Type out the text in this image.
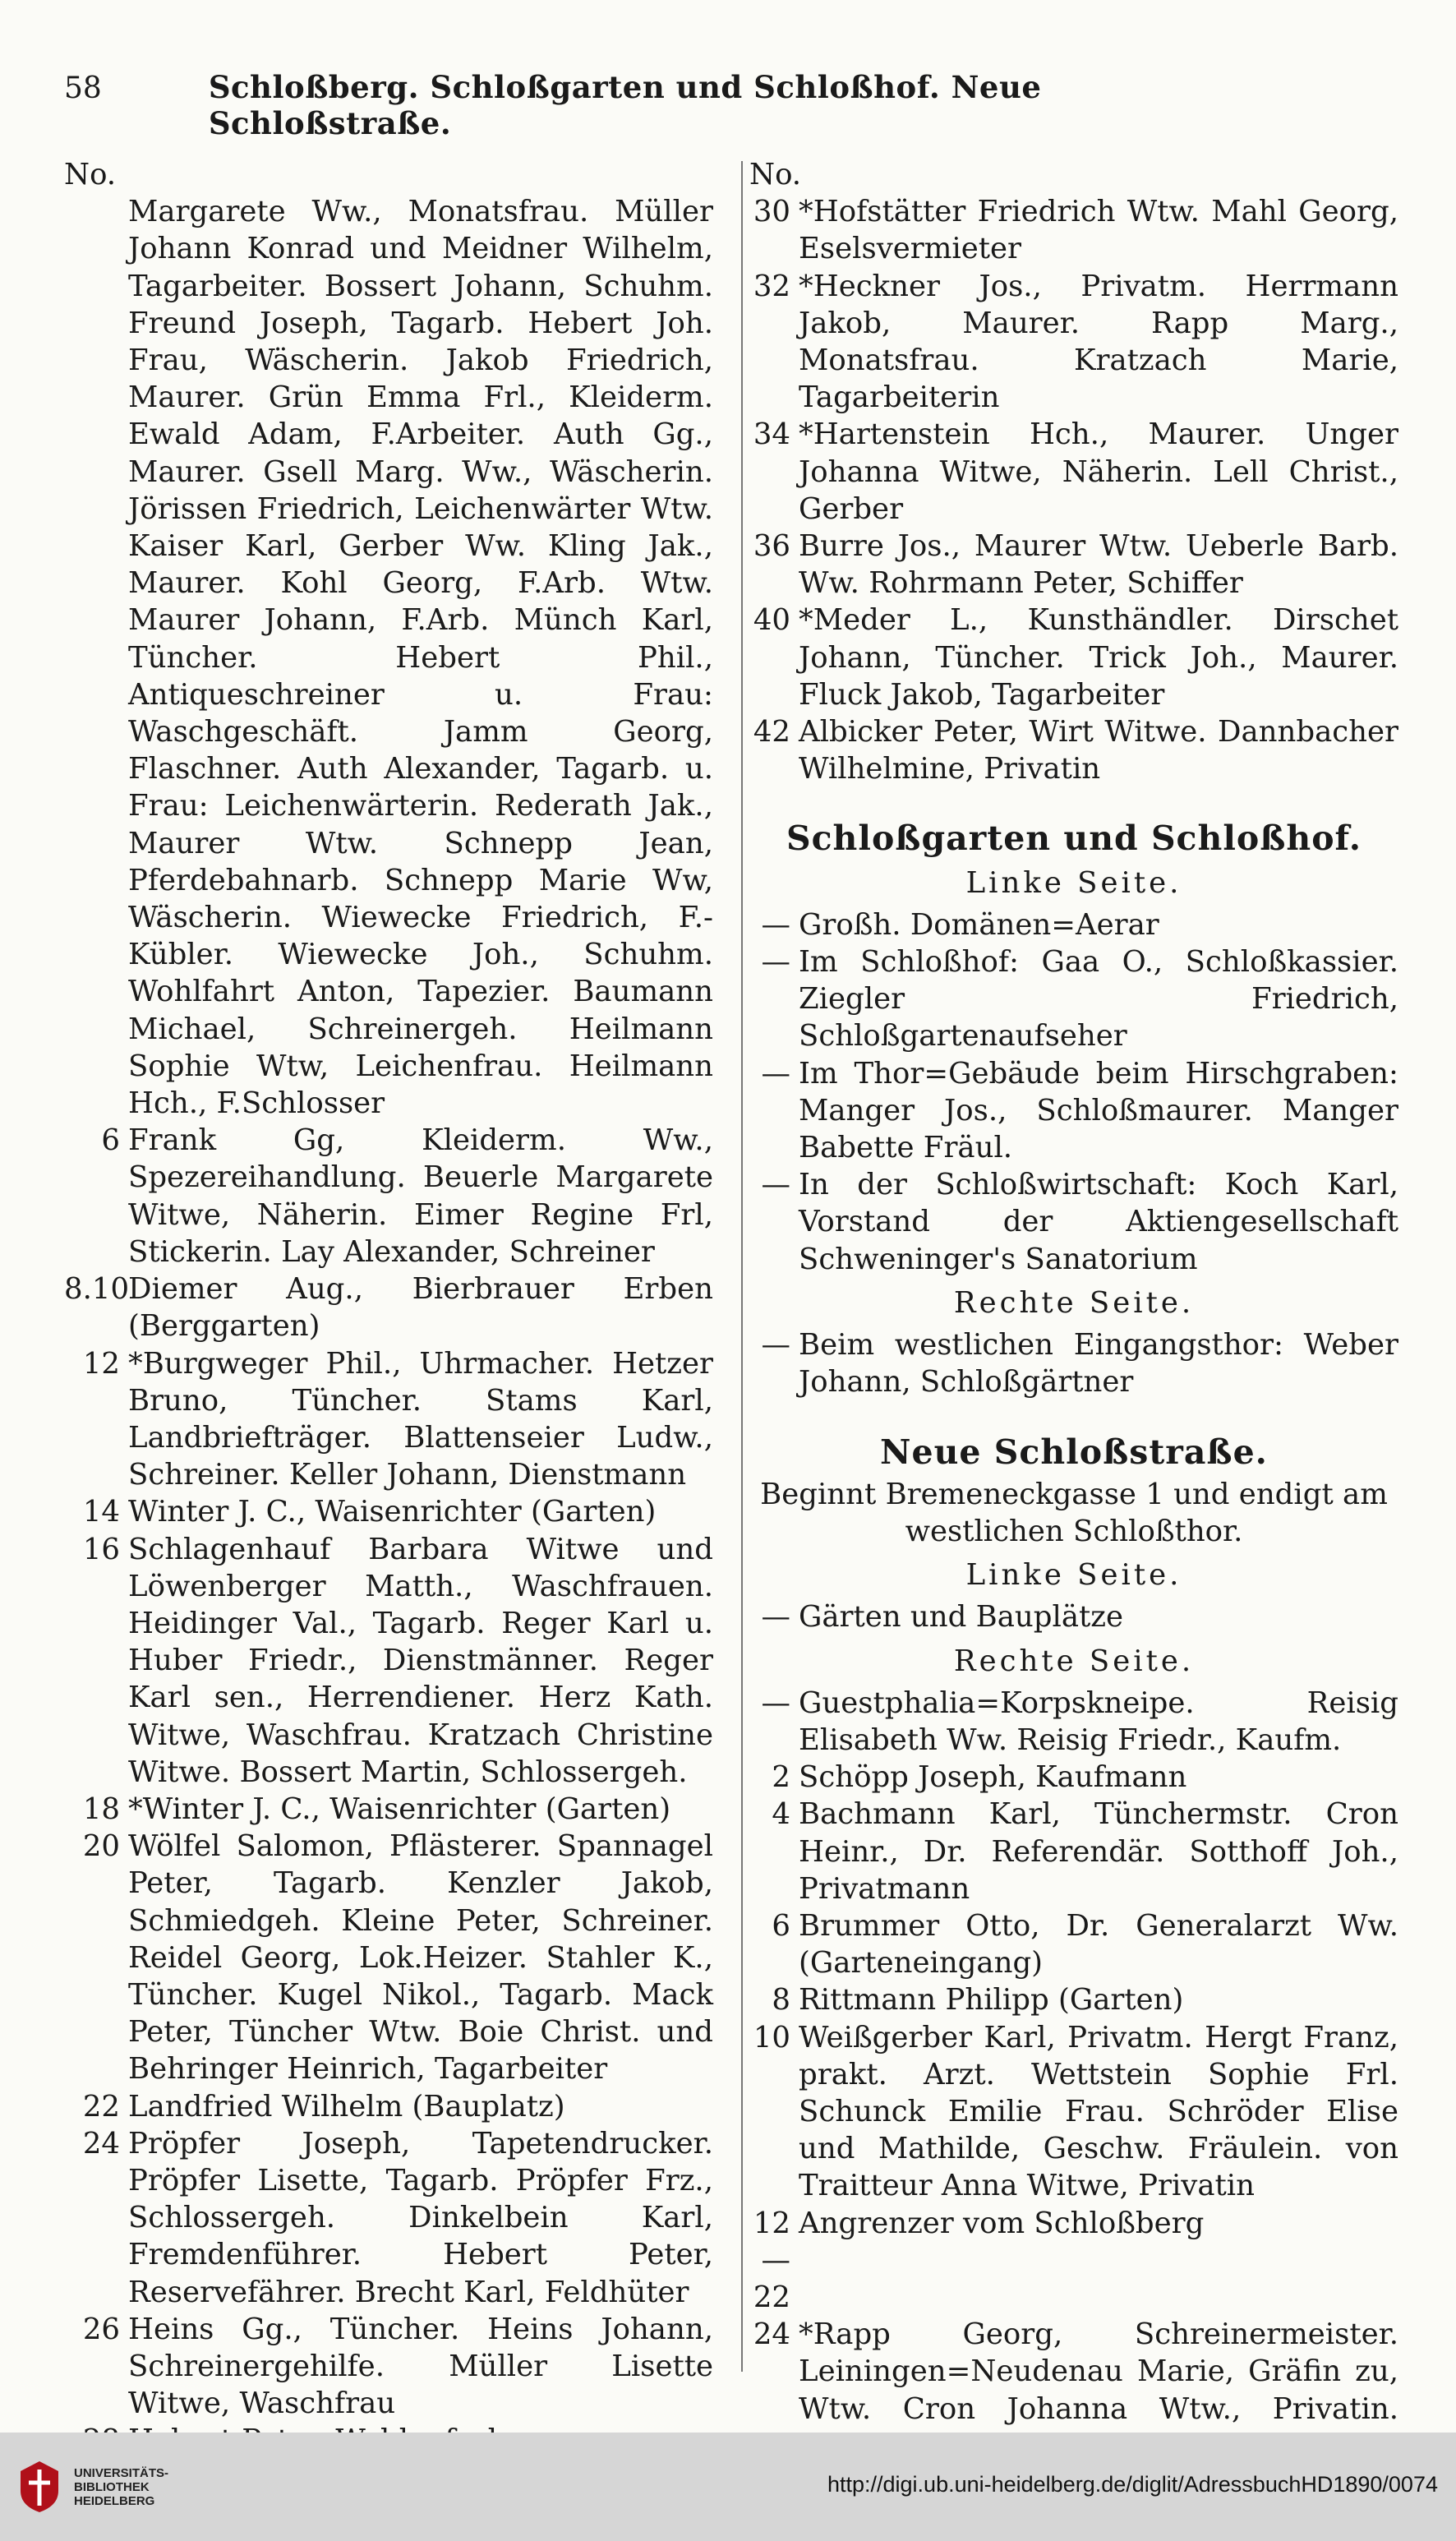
58	Schloßberg. Schloßgarten und Schloßhof. Neue Schloßstraße.
No.
Margarete Ww., Monatsfrau. Müller Johann Konrad und Meidner Wilhelm, Tagarbeiter. Bossert Johann, Schuhm. Freund Joseph, Tagarb. Hebert Joh. Frau, Wäscherin. Jakob Friedrich, Maurer. Grün Emma Frl., Kleiderm. Ewald Adam, F.Arbeiter. Auth Gg., Maurer. Gsell Marg. Ww., Wäscherin. Jörissen Friedrich, Leichenwärter Wtw. Kaiser Karl, Gerber Ww. Kling Jak., Maurer. Kohl Georg, F.Arb. Wtw. Maurer Johann, F.Arb. Münch Karl, Tüncher. Hebert Phil., Antiqueschreiner u. Frau: Waschgeschäft. Jamm Georg, Flaschner. Auth Alexander, Tagarb. u. Frau: Leichenwärterin. Rederath Jak., Maurer Wtw. Schnepp Jean, Pferdebahnarb. Schnepp Marie Ww, Wäscherin. Wiewecke Friedrich, F.-Kübler. Wiewecke Joh., Schuhm. Wohlfahrt Anton, Tapezier. Baumann Michael, Schreinergeh. Heilmann Sophie Wtw, Leichenfrau. Heilmann Hch., F.Schlosser
6 Frank Gg, Kleiderm. Ww., Spezereihandlung. Beuerle Margarete Witwe, Näherin. Eimer Regine Frl, Stickerin. Lay Alexander, Schreiner
8.10
Diemer Aug., Bierbrauer Erben (Berggarten)
12 *Burgweger Phil., Uhrmacher. Hetzer Bruno, Tüncher. Stams Karl, Landbriefträger. Blattenseier Ludw., Schreiner. Keller Johann, Dienstmann
14 Winter J. C., Waisenrichter (Garten)
16 Schlagenhauf Barbara Witwe und Löwenberger Matth., Waschfrauen. Heidinger Val., Tagarb. Reger Karl u. Huber Friedr., Dienstmänner. Reger Karl sen., Herrendiener. Herz Kath. Witwe, Waschfrau. Kratzach Christine Witwe. Bossert Martin, Schlossergeh.
18 *Winter J. C., Waisenrichter (Garten)
20 Wölfel Salomon, Pflästerer. Spannagel Peter, Tagarb. Kenzler Jakob, Schmiedgeh. Kleine Peter, Schreiner. Reidel Georg, Lok.Heizer. Stahler K., Tüncher. Kugel Nikol., Tagarb. Mack Peter, Tüncher Wtw. Boie Christ. und Behringer Heinrich, Tagarbeiter
22 Landfried Wilhelm (Bauplatz)
24 Pröpfer Joseph, Tapetendrucker. Pröpfer Lisette, Tagarb. Pröpfer Frz., Schlossergeh. Dinkelbein Karl, Fremdenführer. Hebert Peter, Reservefährer. Brecht Karl, Feldhüter
26 Heins Gg., Tüncher. Heins Johann, Schreinergehilfe. Müller Lisette Witwe, Waschfrau
No.
30 *Hofstätter Friedrich Wtw. Mahl Georg, Eselsvermieter
32 *Heckner Jos., Privatm. Herrmann Jakob, Maurer. Rapp Marg., Monatsfrau. Kratzach Marie, Tagarbeiterin
34 *Hartenstein Hch., Maurer. Unger Johanna Witwe, Näherin. Lell Christ., Gerber
36 Burre Jos., Maurer Wtw. Ueberle Barb. Ww. Rohrmann Peter, Schiffer
40 *Meder L., Kunsthändler. Dirschet Johann, Tüncher. Trick Joh., Maurer. Fluck Jakob, Tagarbeiter
42 Albicker Peter, Wirt Witwe. Dannbacher Wilhelmine, Privatin
Schloßgarten und Schloßhof.
Linke Seite.
— Großh. Domänen=Aerar
— Im Schloßhof: Gaa O., Schloßkassier. Ziegler Friedrich, Schloßgartenaufseher
— Im Thor=Gebäude beim Hirschgraben: Manger Jos., Schloßmaurer. Manger Babette Fräul.
— In der Schloßwirtschaft: Koch Karl, Vorstand der Aktiengesellschaft Schweninger's Sanatorium
Rechte Seite.
— Beim westlichen Eingangsthor: Weber Johann, Schloßgärtner
Neue Schloßstraße.
Beginnt Bremeneckgasse 1 und endigt am westlichen Schloßthor.
Linke Seite.
— Gärten und Bauplätze
Rechte Seite.
— Guestphalia=Korpskneipe. Reisig Elisabeth Ww. Reisig Friedr., Kaufm.
2 Schöpp Joseph, Kaufmann
4 Bachmann Karl, Tünchermstr. Cron Heinr., Dr. Referendär. Sotthoff Joh., Privatmann
6 Brummer Otto, Dr. Generalarzt Ww. (Garteneingang)
8 Rittmann Philipp (Garten)
10 Weißgerber Karl, Privatm. Hergt Franz, prakt. Arzt. Wettstein Sophie Frl. Schunck Emilie Frau. Schröder Elise und Mathilde, Geschw. Fräulein. von Traitteur Anna Witwe, Privatin
12—22
Angrenzer vom Schloßberg
24 *Rapp Georg, Schreinermeister. Leiningen=Neudenau Marie, Gräfin zu, Wtw. Cron Johanna Wtw., Privatin.
UNIVERSITÄTS-
BIBLIOTHEK
HEIDELBERG
http://digi.ub.uni-heidelberg.de/diglit/AdressbuchHD1890/0074
